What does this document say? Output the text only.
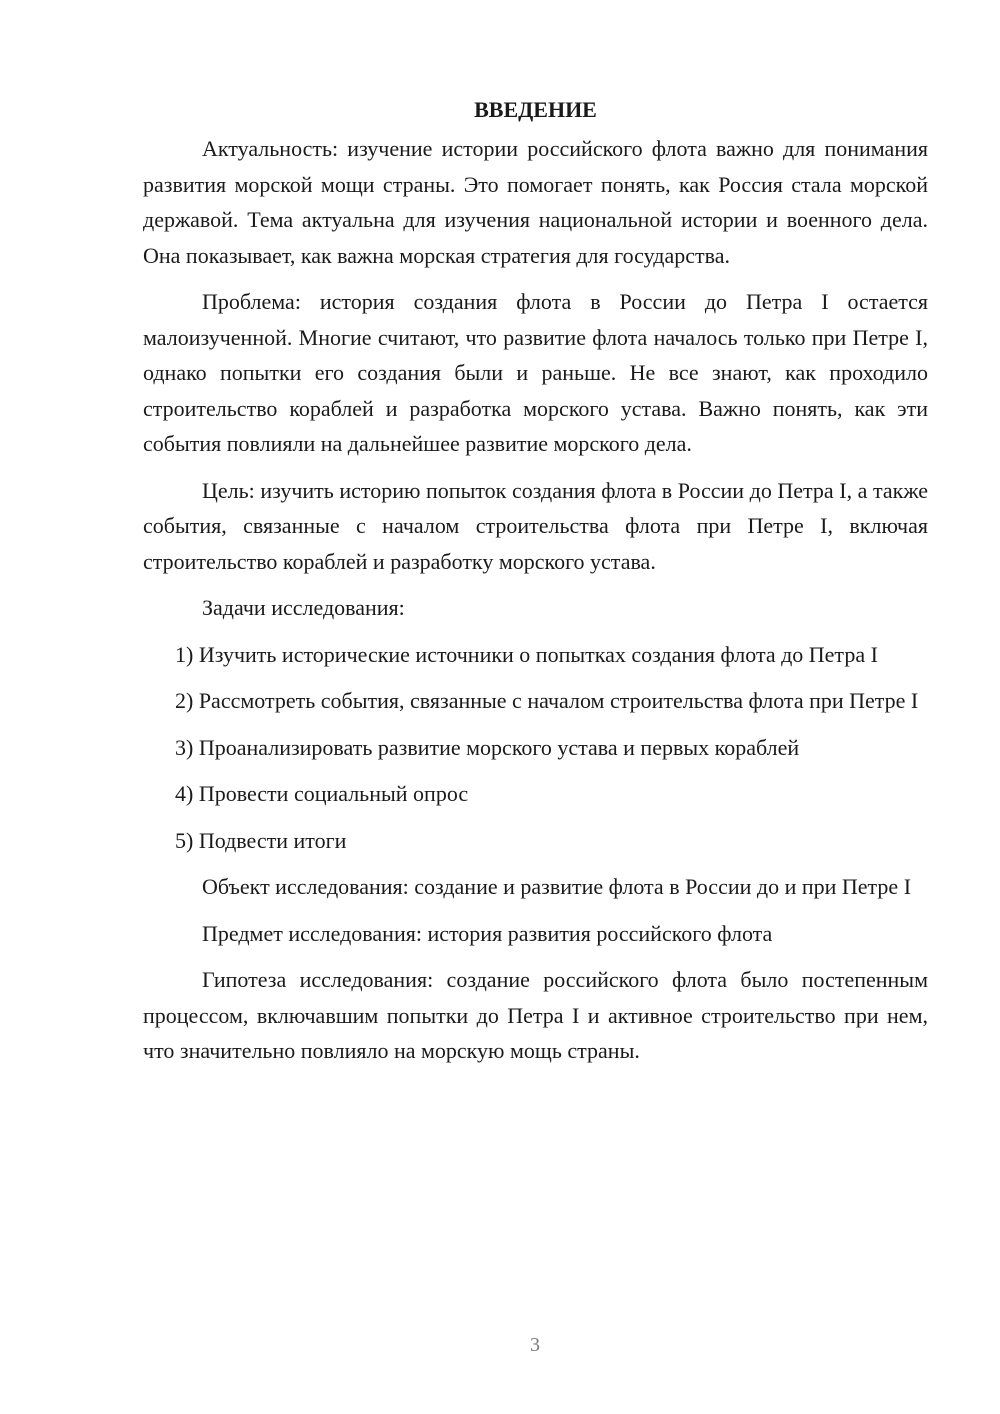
ВВЕДЕНИЕ

Актуальность: изучение истории российского флота важно для понимания развития морской мощи страны. Это помогает понять, как Россия стала морской державой. Тема актуальна для изучения национальной истории и военного дела. Она показывает, как важна морская стратегия для государства.

Проблема: история создания флота в России до Петра I остается малоизученной. Многие считают, что развитие флота началось только при Петре I, однако попытки его создания были и раньше. Не все знают, как проходило строительство кораблей и разработка морского устава. Важно понять, как эти события повлияли на дальнейшее развитие морского дела.

Цель: изучить историю попыток создания флота в России до Петра I, а также события, связанные с началом строительства флота при Петре I, включая строительство кораблей и разработку морского устава.

Задачи исследования:

1) Изучить исторические источники о попытках создания флота до Петра I

2) Рассмотреть события, связанные с началом строительства флота при Петре I

3) Проанализировать развитие морского устава и первых кораблей

4) Провести социальный опрос

5) Подвести итоги

Объект исследования: создание и развитие флота в России до и при Петре I

Предмет исследования: история развития российского флота

Гипотеза исследования: создание российского флота было постепенным процессом, включавшим попытки до Петра I и активное строительство при нем, что значительно повлияло на морскую мощь страны.

3
